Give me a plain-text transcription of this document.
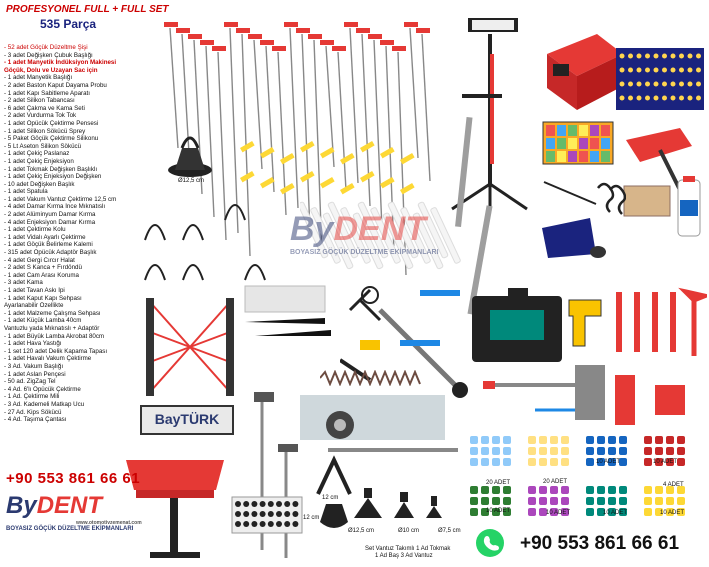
PROFESYONEL FULL + FULL SET
535 Parça
- 52 adet Göçük Düzeltme Şişi
- 3 adet Değişken Çubuk Başlığı
- 1 adet Manyetik İndüksiyon Makinesi
Göçük, Dolu ve Uzayan Sac için
- 1 adet Manyetik Başlığı
- 2 adet Baston Kaput Dayama Probu
- 1 adet Kapı Sabitleme Aparatı
- 2 adet Silikon Tabancası
- 6 adet Çakma ve Kama Seti
- 2 adet Vurdurma Tok Tok
- 1 adet Öpücük Çektirme Pensesi
- 1 adet Silikon Sökücü Sprey
- 5 Paket Göçük Çektirme Silikonu
- 5 Lt Aseton Silikon Sökücü
- 1 adet Çekiç Paslanaz
- 1 adet Çekiç Enjeksiyon
- 1 adet Tokmak Değişken Başlıklı
- 1 adet Çekiç Enjeksiyon Değişken
- 10 adet Değişken Başlık
- 1 adet Spatula
- 1 adet Vakum Vantuz Çektirme 12,5 cm
- 4 adet Damar Kırma İnce Mıknatıslı
- 2 adet Alüminyum Damar Kırma
- 4 adet Enjeksiyon Damar Kırma
- 1 adet Çektirme Kolu
- 1 adet Vidalı Ayarlı Çektirme
- 1 adet Göçük Belirleme Kalemi
- 315 adet Öpücük Adaptör Başlık
- 4 adet Gergi Cırcır Halat
- 2 adet S Kanca + Fırdöndü
- 1 adet Cam Arası Koruma
- 3 adet Kama
- 1 adet Tavan Askı İpi
- 1 adet Kaput Kapı Sehpası
Ayarlanabilir Özellikte
- 1 adet Malzeme Çalışma Sehpası
- 1 adet Küçük Lamba 40cm
Vantuzlu yada Mıknatıslı + Adaptör
- 1 adet Büyük Lamba Akrobat 80cm
- 1 adet Hava Yastığı
- 1 set 120 adet Delik Kapama Tapası
- 1 adet Havalı Vakum Çektirme
- 3 Ad. Vakum Başlığı
- 1 adet Aslan Pençesi
- 50 ad. ZigZag Tel
- 4 Ad. 6'lı Öpücük Çektirme
- 1 Ad. Çektirme Mili
- 3 Ad. Kademeli Matkap Ucu
- 27 Ad. Kips Sökücü
- 4 Ad. Taşıma Çantası
Ø12,5 cm
ByDENT
BOYASIZ GÖÇÜK DÜZELTME EKİPMANLARI
BayTÜRK
12 cm
12 cm
Ø12,5 cm	Ø10 cm	Ø7,5 cm
Set Vantuz Takımlı 1 Ad Tokmak
1 Ad Baş 3 Ad Vantuz
20 ADET	20 ADET
10 ADET	10 ADET
4 ADET
10 ADET	10 ADET	10 ADET	10 ADET
+90 553 861 66 61
ByDENT
www.otomotivzemenat.com
BOYASIZ GÖÇÜK DÜZELTME EKİPMANLARI
+90 553 861 66 61
